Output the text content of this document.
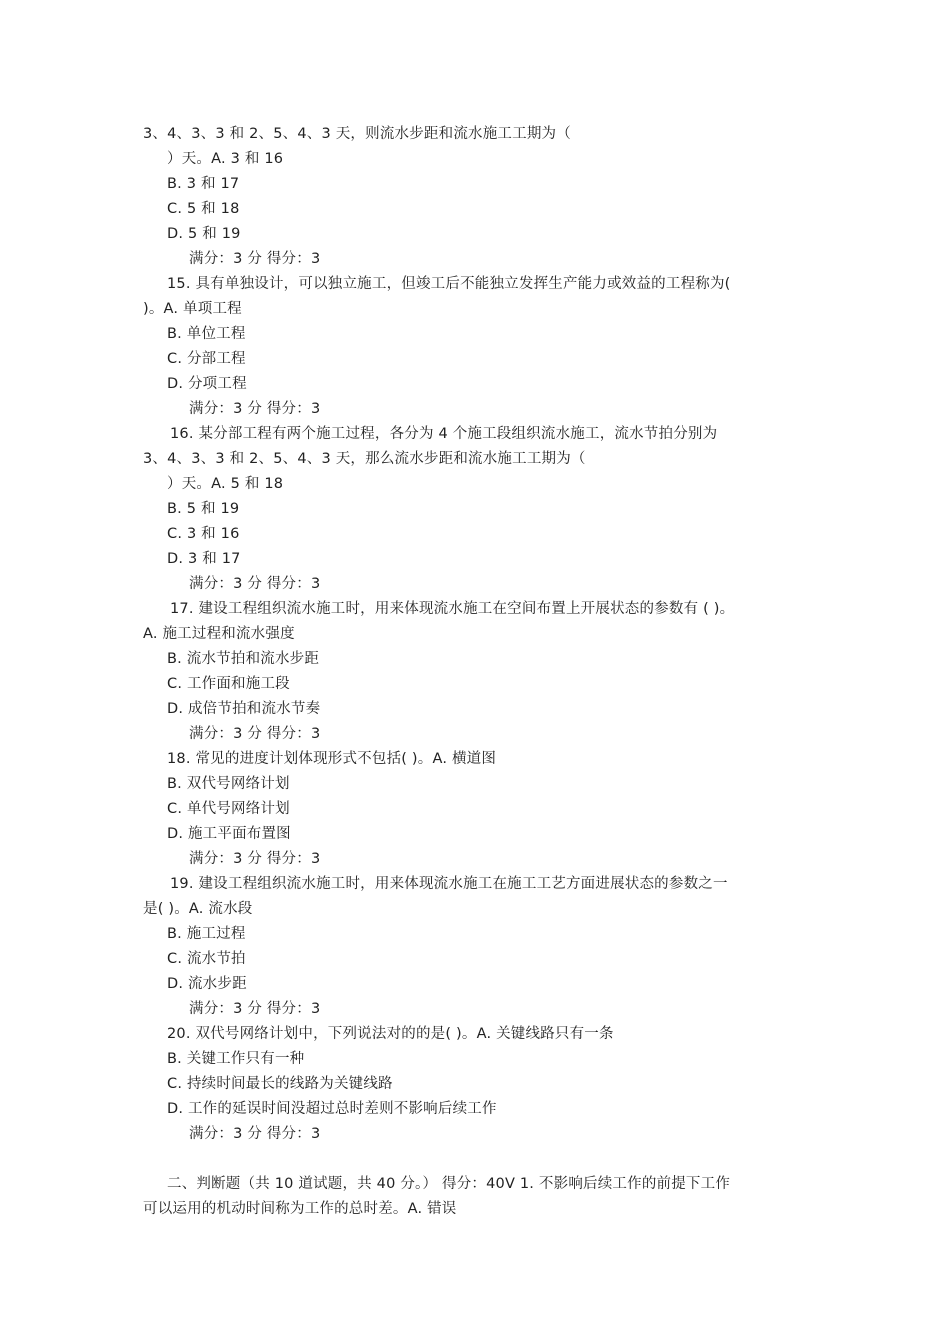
3、4、3、3 和 2、5、4、3 天，则流水步距和流水施工工期为（
）天。A. 3 和 16
B. 3 和 17
C. 5 和 18
D. 5 和 19
满分：3 分 得分：3
15. 具有单独设计，可以独立施工，但竣工后不能独立发挥生产能力或效益的工程称为(
)。A. 单项工程
B. 单位工程
C. 分部工程
D. 分项工程
满分：3 分 得分：3
16. 某分部工程有两个施工过程，各分为 4 个施工段组织流水施工，流水节拍分别为
3、4、3、3 和 2、5、4、3 天，那么流水步距和流水施工工期为（
）天。A. 5 和 18
B. 5 和 19
C. 3 和 16
D. 3 和 17
满分：3 分 得分：3
17. 建设工程组织流水施工时，用来体现流水施工在空间布置上开展状态的参数有 ( )。
A. 施工过程和流水强度
B. 流水节拍和流水步距
C. 工作面和施工段
D. 成倍节拍和流水节奏
满分：3 分 得分：3
18. 常见的进度计划体现形式不包括( )。A. 横道图
B. 双代号网络计划
C. 单代号网络计划
D. 施工平面布置图
满分：3 分 得分：3
19. 建设工程组织流水施工时，用来体现流水施工在施工工艺方面进展状态的参数之一
是( )。A. 流水段
B. 施工过程
C. 流水节拍
D. 流水步距
满分：3 分 得分：3
20. 双代号网络计划中，下列说法对的的是( )。A. 关键线路只有一条
B. 关键工作只有一种
C. 持续时间最长的线路为关键线路
D. 工作的延误时间没超过总时差则不影响后续工作
满分：3 分 得分：3
二、判断题（共 10 道试题，共 40 分。） 得分：40V 1. 不影响后续工作的前提下工作
可以运用的机动时间称为工作的总时差。A. 错误
